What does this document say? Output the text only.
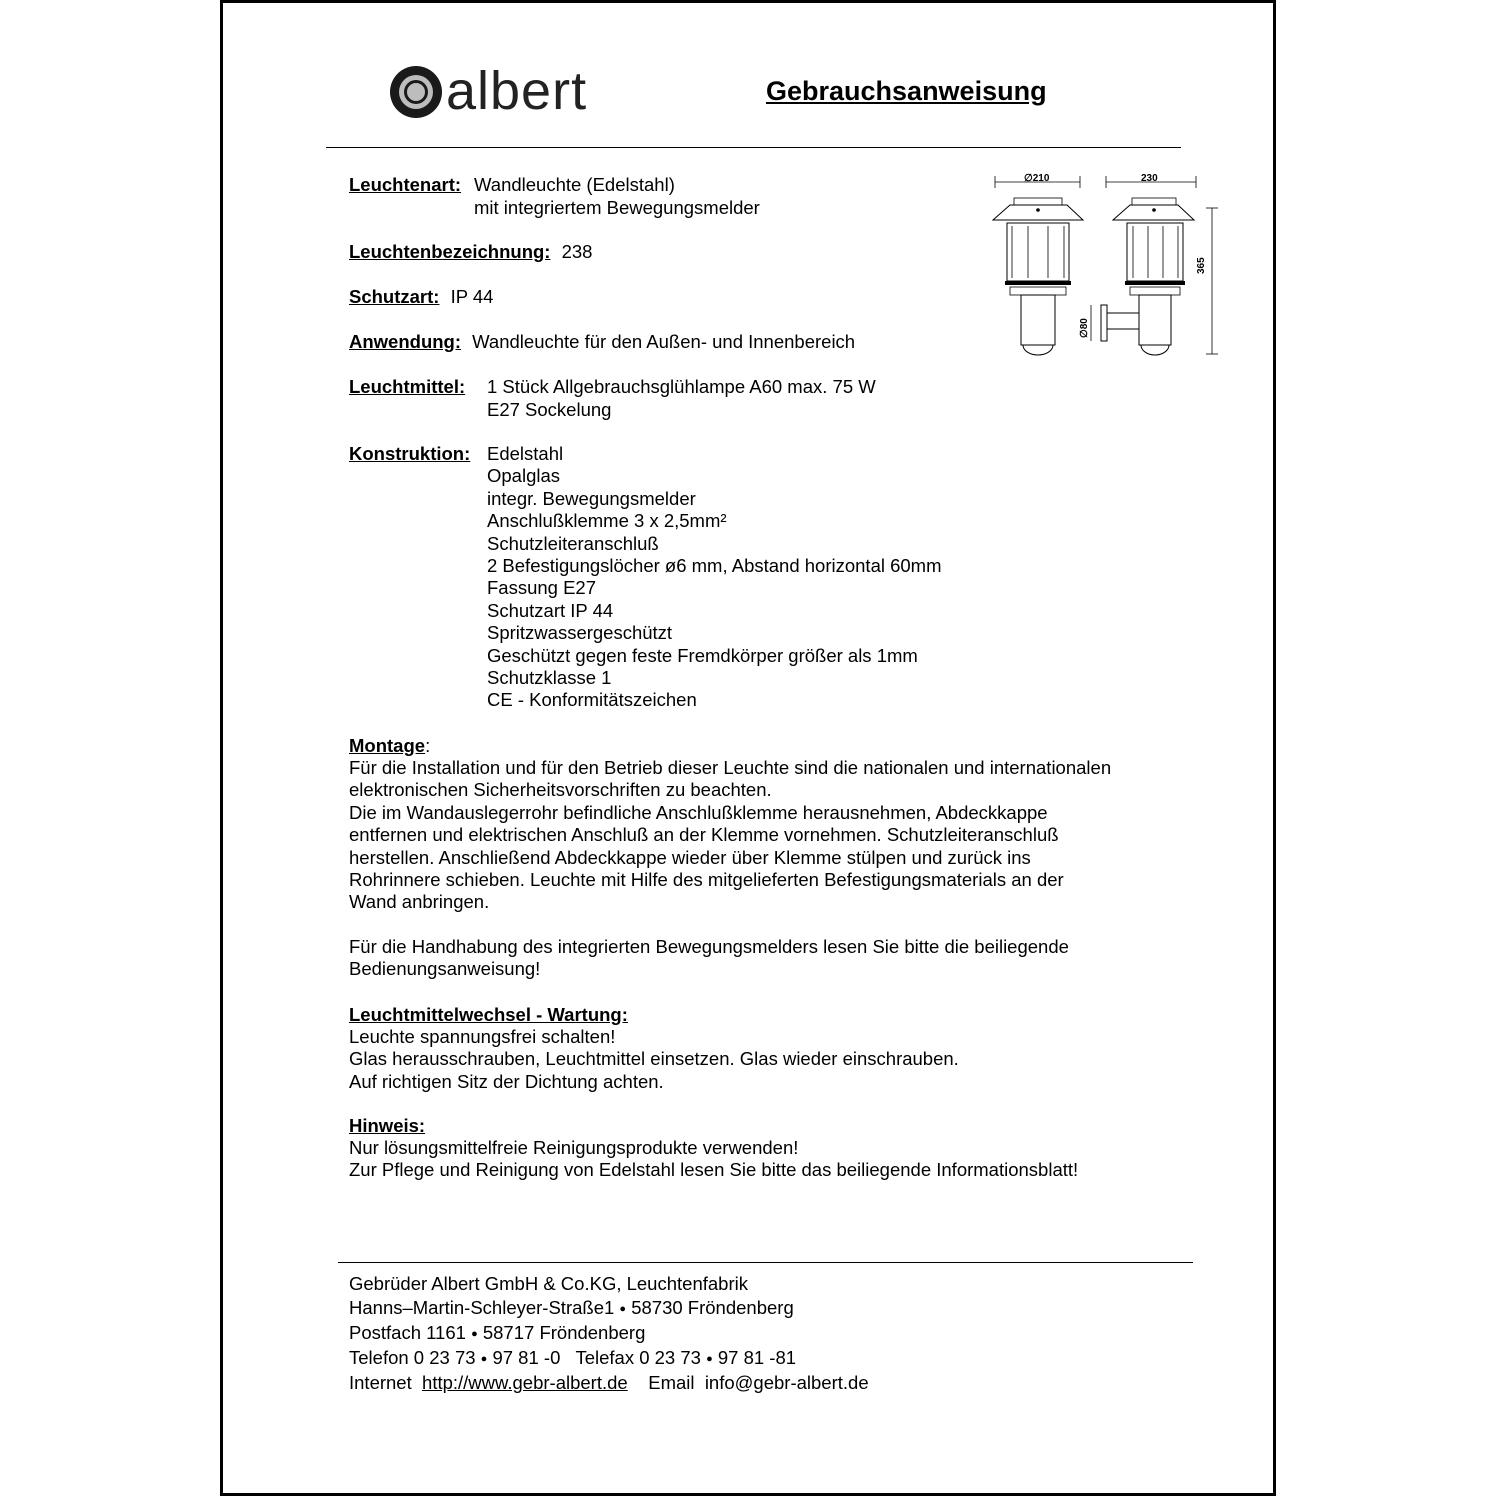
albert	Gebrauchsanweisung
Leuchtenart: Wandleuchte (Edelstahl)
mit integriertem Bewegungsmelder
Leuchtenbezeichnung: 238
Schutzart: IP 44
Anwendung: Wandleuchte für den Außen- und Innenbereich
Leuchtmittel: 1 Stück Allgebrauchsglühlampe A60 max. 75 W
E27 Sockelung
Konstruktion: Edelstahl
Opalglas
integr. Bewegungsmelder
Anschlußklemme 3 x 2,5mm²
Schutzleiteranschluß
2 Befestigungslöcher ø6 mm, Abstand horizontal 60mm
Fassung E27
Schutzart IP 44
Spritzwassergeschützt
Geschützt gegen feste Fremdkörper größer als 1mm
Schutzklasse 1
CE - Konformitätszeichen
∅210	230
365
∅80
Montage:
Für die Installation und für den Betrieb dieser Leuchte sind die nationalen und internationalen
elektronischen Sicherheitsvorschriften zu beachten.
Die im Wandauslegerrohr befindliche Anschlußklemme herausnehmen, Abdeckkappe
entfernen und elektrischen Anschluß an der Klemme vornehmen. Schutzleiteranschluß
herstellen. Anschließend Abdeckkappe wieder über Klemme stülpen und zurück ins
Rohrinnere schieben. Leuchte mit Hilfe des mitgelieferten Befestigungsmaterials an der
Wand anbringen.
Für die Handhabung des integrierten Bewegungsmelders lesen Sie bitte die beiliegende
Bedienungsanweisung!
Leuchtmittelwechsel - Wartung:
Leuchte spannungsfrei schalten!
Glas herausschrauben, Leuchtmittel einsetzen. Glas wieder einschrauben.
Auf richtigen Sitz der Dichtung achten.
Hinweis:
Nur lösungsmittelfreie Reinigungsprodukte verwenden!
Zur Pflege und Reinigung von Edelstahl lesen Sie bitte das beiliegende Informationsblatt!
Gebrüder Albert GmbH & Co.KG, Leuchtenfabrik
Hanns–Martin-Schleyer-Straße1 ● 58730 Fröndenberg
Postfach 1161 ● 58717 Fröndenberg
Telefon 0 23 73 ● 97 81 -0 Telefax 0 23 73 ● 97 81 -81
Internet http://www.gebr-albert.de Email info@gebr-albert.de
